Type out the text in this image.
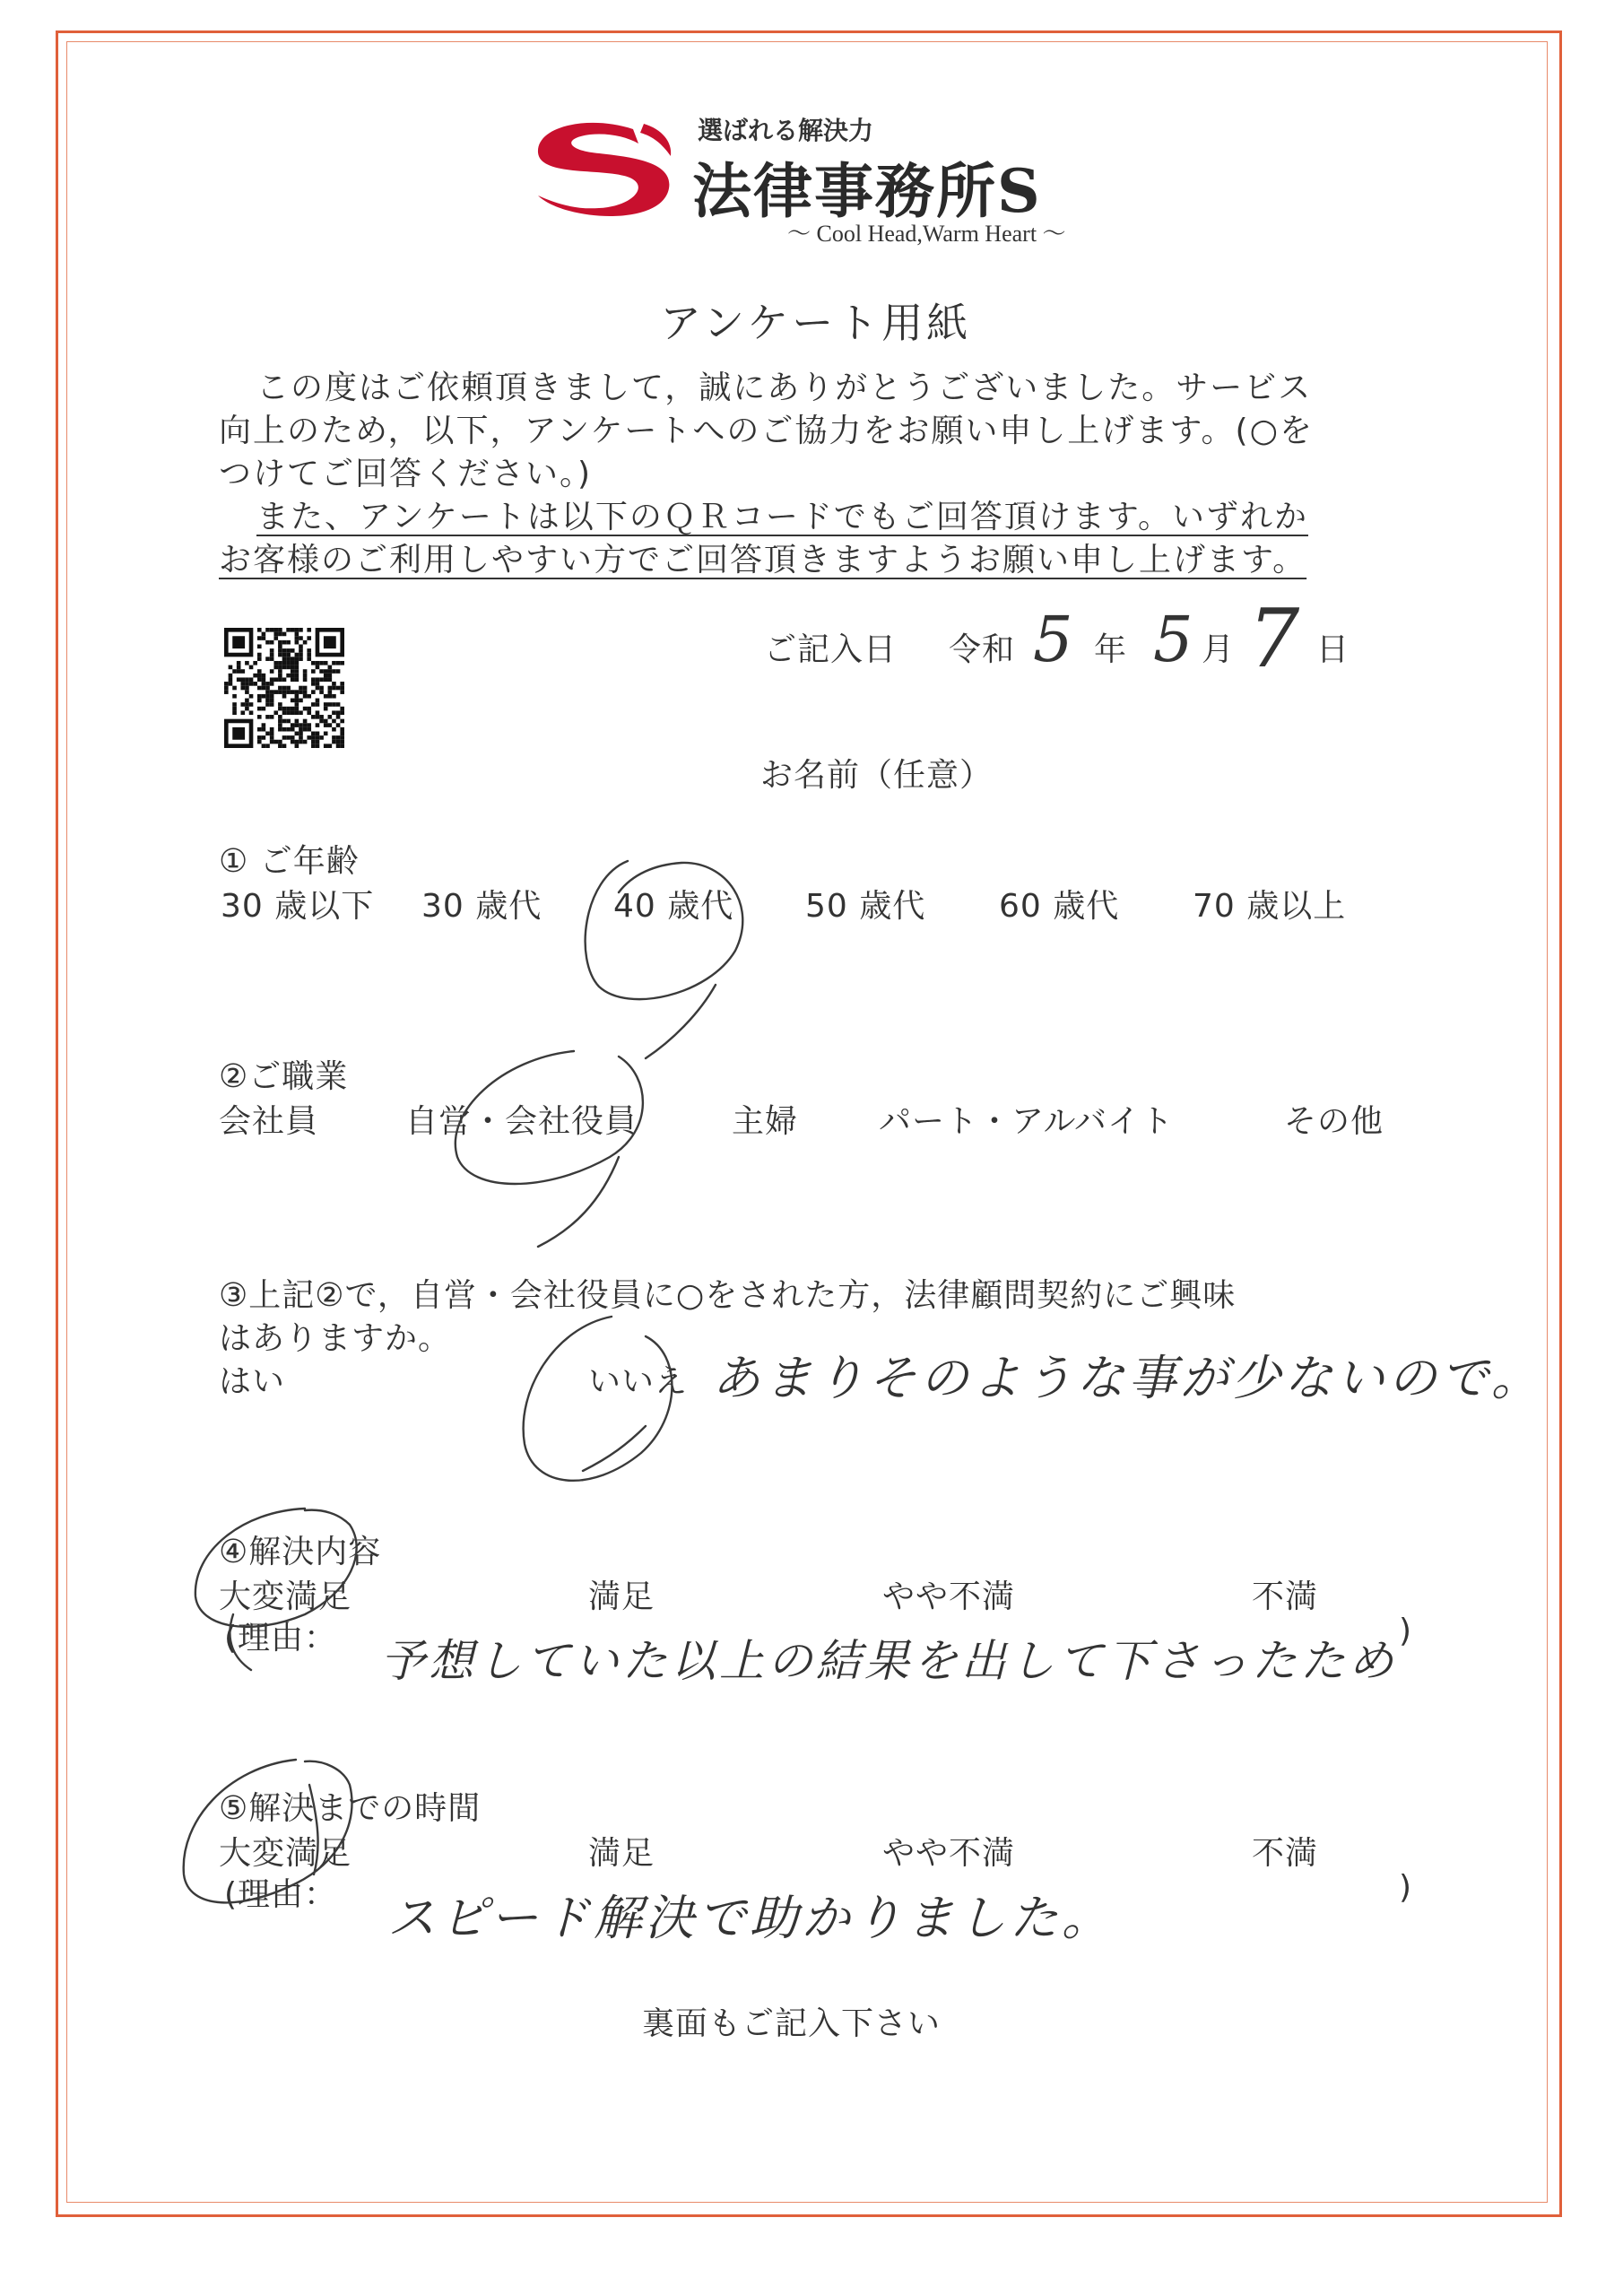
選ばれる解決力
法律事務所S
～ Cool Head,Warm Heart ～
アンケート用紙
この度はご依頼頂きまして，誠にありがとうございました。サービス
向上のため，以下，アンケートへのご協力をお願い申し上げます。(○を
つけてご回答ください。)
また、アンケートは以下のＱＲコードでもご回答頂けます。いずれか
お客様のご利用しやすい方でご回答頂きますようお願い申し上げます。
ご記入日 令和 5 年 5 月 7 日
お名前（任意）
① ご年齢
30 歳以下 30 歳代 40 歳代 50 歳代 60 歳代 70 歳以上
②ご職業
会社員	自営・会社役員	主婦 パート・アルバイト	その他
③上記②で，自営・会社役員に○をされた方，法律顧問契約にご興味
はありますか。
はい	いいえ あまりそのような事が少ないので。
④解決内容
大変満足	満足	やや不満	不満
(理由： 予想していた以上の結果を出して下さったため
)
⑤解決までの時間
大変満足	満足	やや不満	不満
(理由： スピード解決で助かりました。
)
裏面もご記入下さい
